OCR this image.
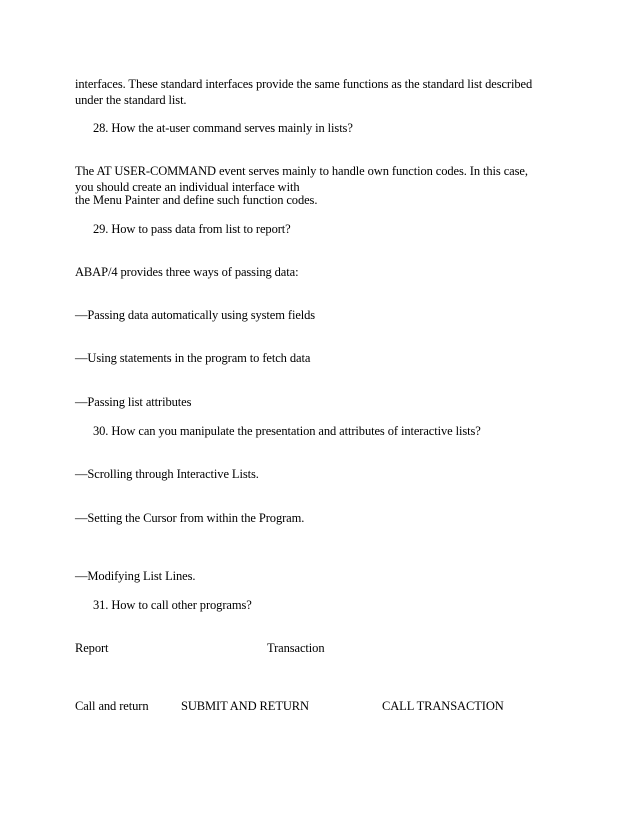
interfaces. These standard interfaces provide the same functions as the standard list described
under the standard list.
28. How the at-user command serves mainly in lists?
The AT USER-COMMAND event serves mainly to handle own function codes. In this case,
you should create an individual interface with
the Menu Painter and define such function codes.
29. How to pass data from list to report?
ABAP/4 provides three ways of passing data:
—Passing data automatically using system fields
—Using statements in the program to fetch data
—Passing list attributes
30. How can you manipulate the presentation and attributes of interactive lists?
—Scrolling through Interactive Lists.
—Setting the Cursor from within the Program.
—Modifying List Lines.
31. How to call other programs?
Report	Transaction
Call and return	SUBMIT AND RETURN	CALL TRANSACTION
